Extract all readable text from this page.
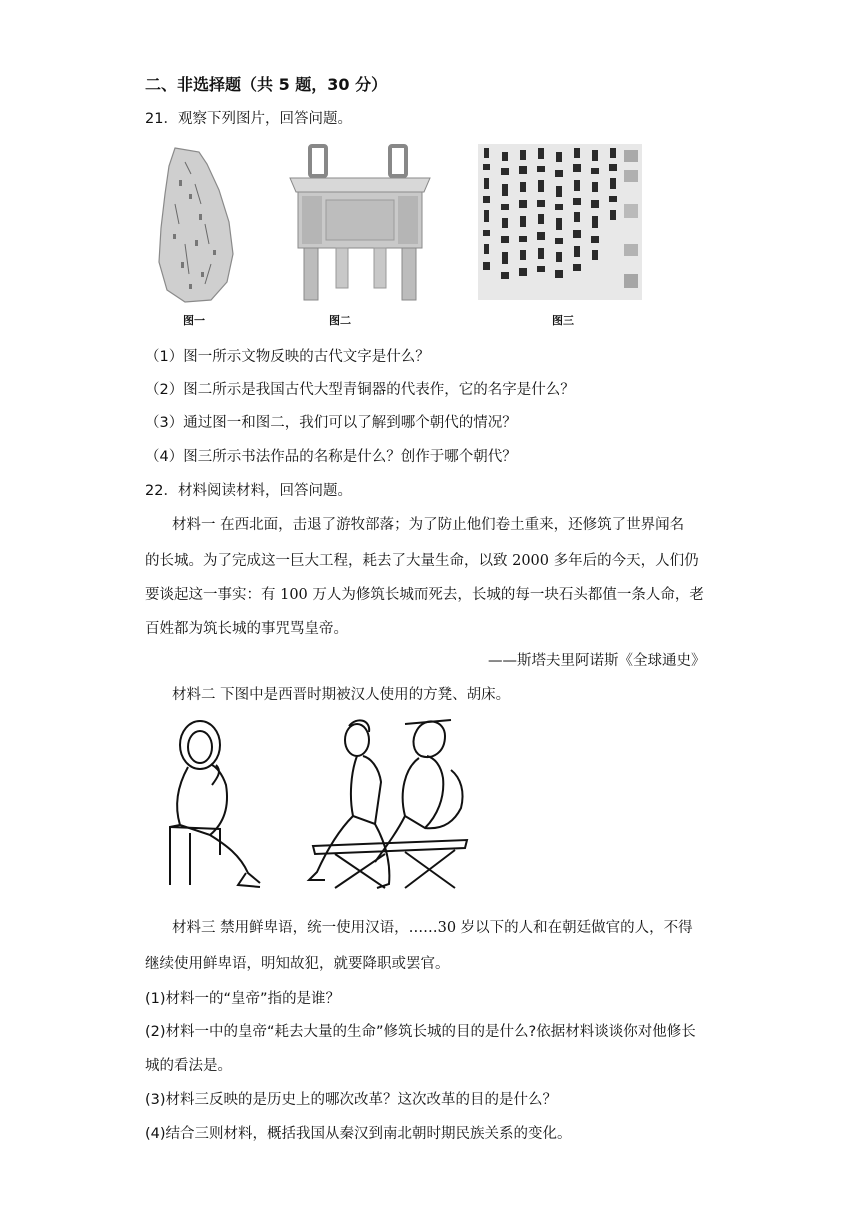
二、非选择题（共 5 题，30 分）
21．观察下列图片，回答问题。
图一	图二	图三
（1）图一所示文物反映的古代文字是什么？
（2）图二所示是我国古代大型青铜器的代表作，它的名字是什么？
（3）通过图一和图二，我们可以了解到哪个朝代的情况？
（4）图三所示书法作品的名称是什么？创作于哪个朝代？
22．材料阅读材料，回答问题。
材料一 在西北面，击退了游牧部落；为了防止他们卷土重来，还修筑了世界闻名
的长城。为了完成这一巨大工程，耗去了大量生命，以致 2000 多年后的今天，人们仍
要谈起这一事实：有 100 万人为修筑长城而死去，长城的每一块石头都值一条人命，老
百姓都为筑长城的事咒骂皇帝。
——斯塔夫里阿诺斯《全球通史》
材料二 下图中是西晋时期被汉人使用的方凳、胡床。
材料三 禁用鲜卑语，统一使用汉语，……30 岁以下的人和在朝廷做官的人，不得
继续使用鲜卑语，明知故犯，就要降职或罢官。
(1)材料一的“皇帝”指的是谁？
(2)材料一中的皇帝“耗去大量的生命”修筑长城的目的是什么?依据材料谈谈你对他修长
城的看法是。
(3)材料三反映的是历史上的哪次改革？这次改革的目的是什么？
(4)结合三则材料，概括我国从秦汉到南北朝时期民族关系的变化。
